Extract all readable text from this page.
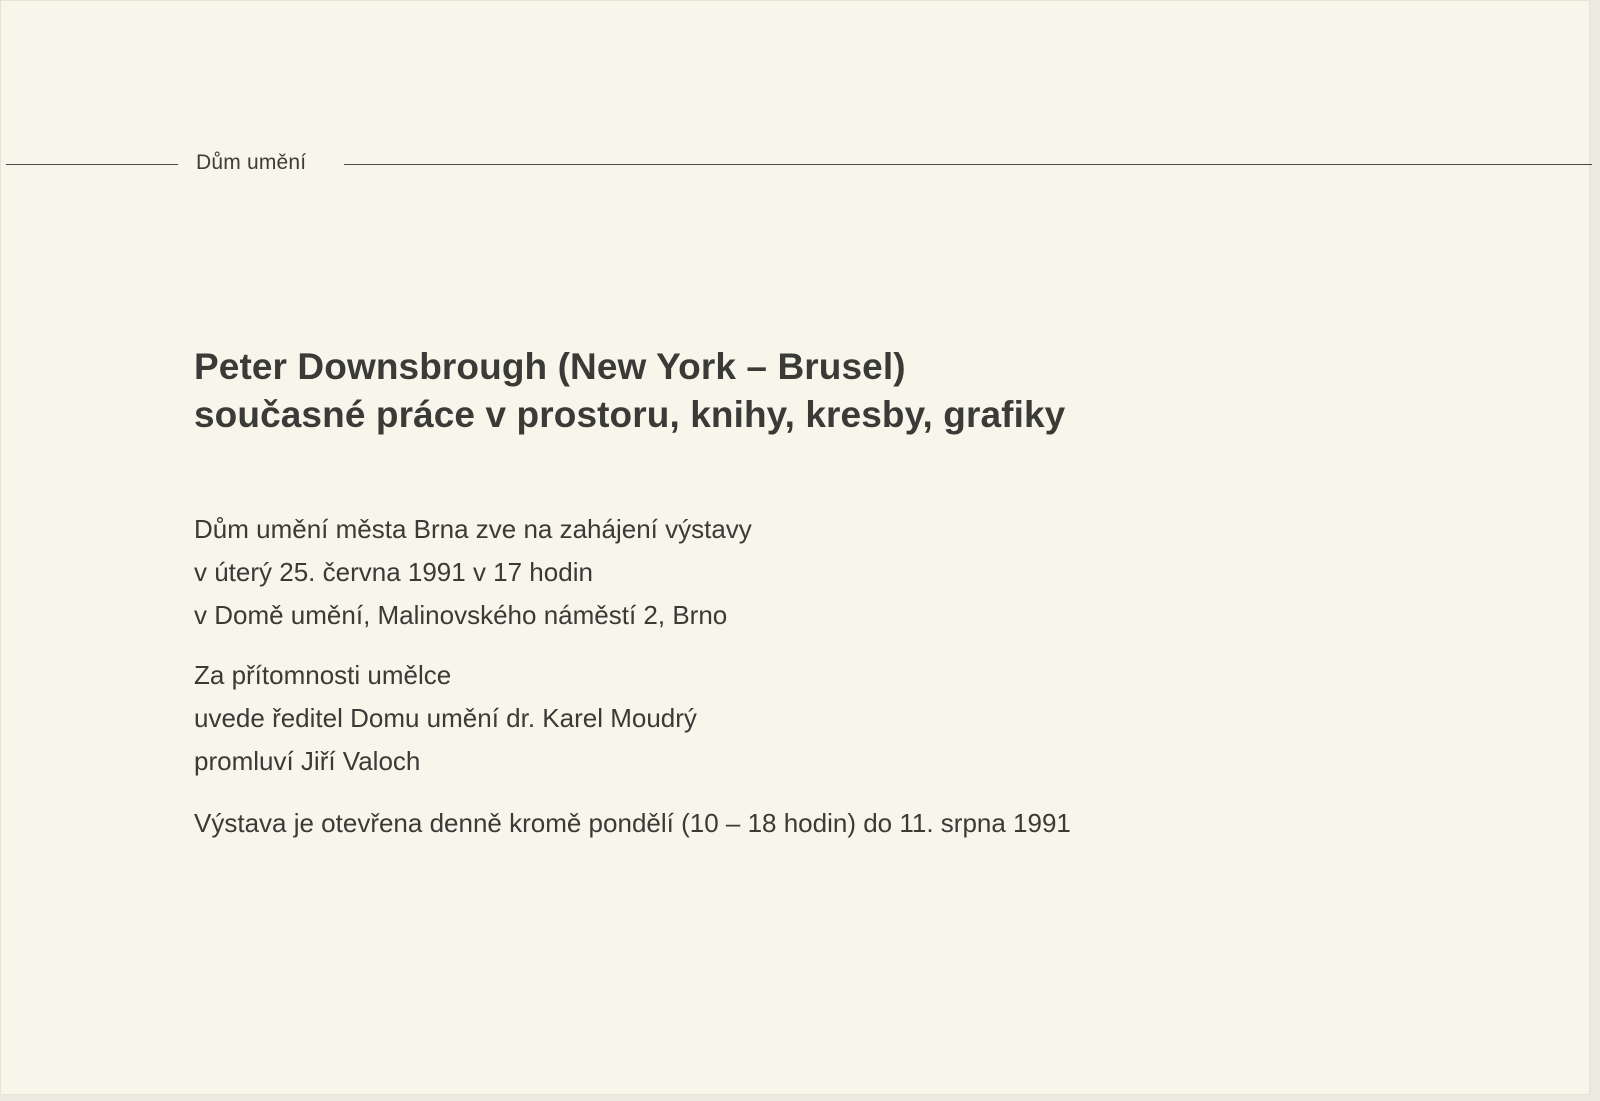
Dům umění
Peter Downsbrough (New York – Brusel)
současné práce v prostoru, knihy, kresby, grafiky

Dům umění města Brna zve na zahájení výstavy
v úterý 25. června 1991 v 17 hodin
v Domě umění, Malinovského náměstí 2, Brno

Za přítomnosti umělce
uvede ředitel Domu umění dr. Karel Moudrý
promluví Jiří Valoch

Výstava je otevřena denně kromě pondělí (10 – 18 hodin) do 11. srpna 1991
